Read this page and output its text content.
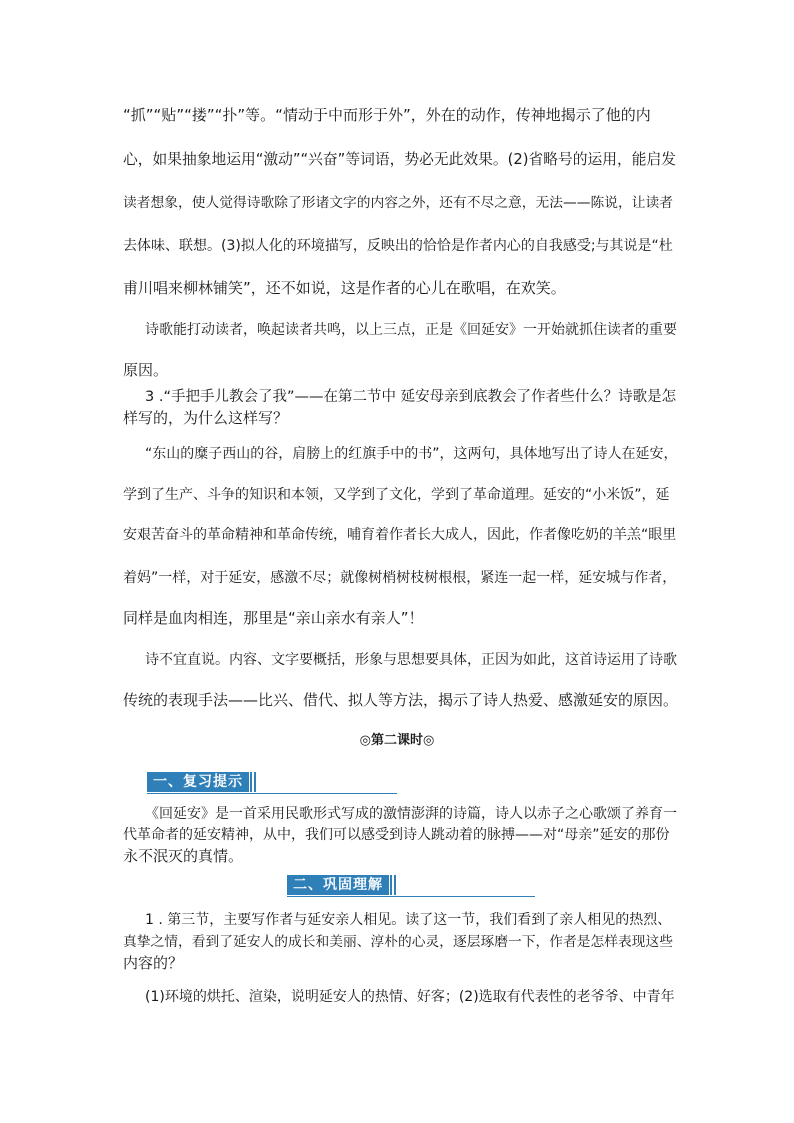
“抓”“贴”“搂”“扑”等。“情动于中而形于外”，外在的动作，传神地揭示了他的内
心，如果抽象地运用“激动”“兴奋”等词语，势必无此效果。(2)省略号的运用，能启发
读者想象，使人觉得诗歌除了形诸文字的内容之外，还有不尽之意，无法——陈说，让读者
去体味、联想。(3)拟人化的环境描写，反映出的恰恰是作者内心的自我感受;与其说是“杜
甫川唱来柳林铺笑”，还不如说，这是作者的心儿在歌唱，在欢笑。
诗歌能打动读者，唤起读者共鸣，以上三点，正是《回延安》一开始就抓住读者的重要
原因。
3 .“手把手儿教会了我”——在第二节中 延安母亲到底教会了作者些什么？诗歌是怎
样写的，为什么这样写？
“东山的糜子西山的谷，肩膀上的红旗手中的书”，这两句，具体地写出了诗人在延安，
学到了生产、斗争的知识和本领，又学到了文化，学到了革命道理。延安的“小米饭”，延
安艰苦奋斗的革命精神和革命传统，哺育着作者长大成人，因此，作者像吃奶的羊羔“眼里
着妈”一样，对于延安，感激不尽；就像树梢树枝树根根，紧连一起一样，延安城与作者，
同样是血肉相连，那里是“亲山亲水有亲人”！
诗不宜直说。内容、文字要概括，形象与思想要具体，正因为如此，这首诗运用了诗歌
传统的表现手法——比兴、借代、拟人等方法，揭示了诗人热爱、感激延安的原因。
◎第二课时◎
一、复习提示
《回延安》是一首采用民歌形式写成的激情澎湃的诗篇，诗人以赤子之心歌颂了养育一
代革命者的延安精神，从中，我们可以感受到诗人跳动着的脉搏——对“母亲”延安的那份
永不泯灭的真情。
二、巩固理解
1 . 第三节，主要写作者与延安亲人相见。读了这一节，我们看到了亲人相见的热烈、
真挚之情，看到了延安人的成长和美丽、淳朴的心灵，逐层琢磨一下，作者是怎样表现这些
内容的？
(1)环境的烘托、渲染，说明延安人的热情、好客；(2)选取有代表性的老爷爷、中青年
